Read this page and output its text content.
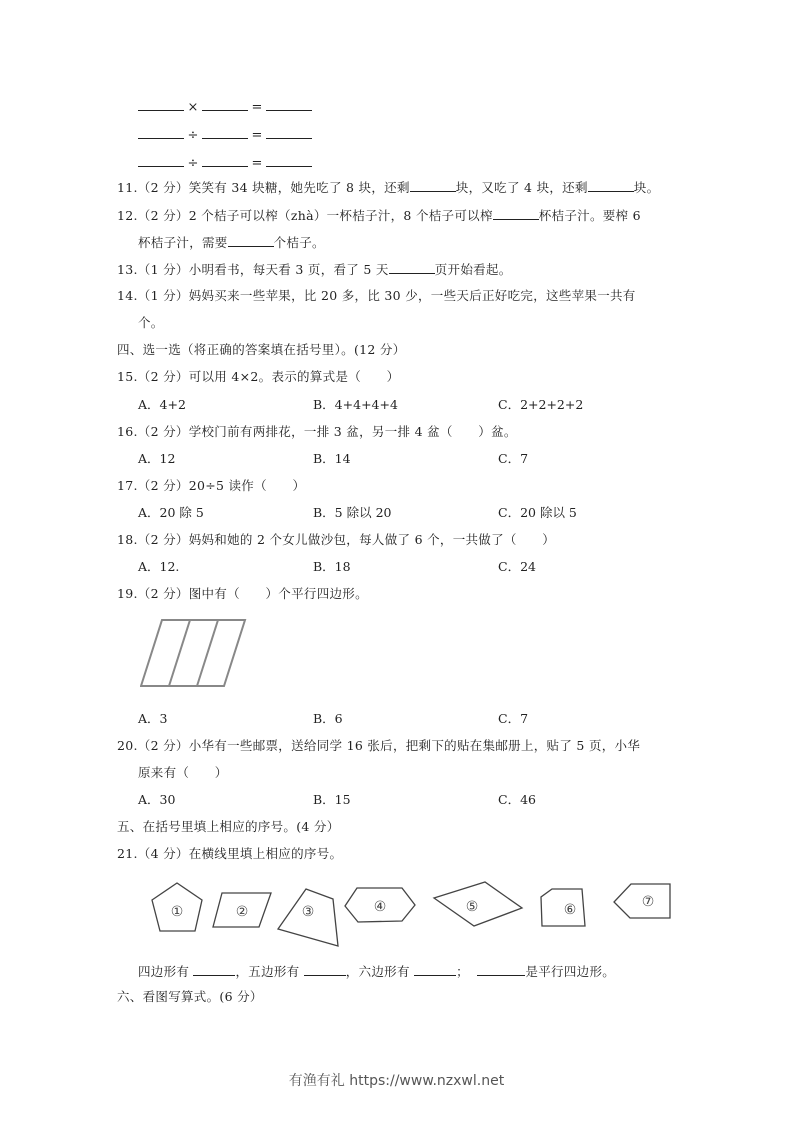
×	=
÷	=
÷	=
11.（2 分）笑笑有 34 块糖，她先吃了 8 块，还剩	块，又吃了 4 块，还剩	块。
12.（2 分）2 个桔子可以榨（zhà）一杯桔子汁，8 个桔子可以榨	杯桔子汁。要榨 6
杯桔子汁，需要	个桔子。
13.（1 分）小明看书，每天看 3 页，看了 5 天	页开始看起。
14.（1 分）妈妈买来一些苹果，比 20 多，比 30 少，一些天后正好吃完，这些苹果一共有
个。
四、选一选（将正确的答案填在括号里）。(12 分）
15.（2 分）可以用 4×2。表示的算式是（　　）
A．4+2	B．4+4+4+4	C．2+2+2+2
16.（2 分）学校门前有两排花，一排 3 盆，另一排 4 盆（　　）盆。
A．12	B．14	C．7
17.（2 分）20÷5 读作（　　）
A．20 除 5	B．5 除以 20	C．20 除以 5
18.（2 分）妈妈和她的 2 个女儿做沙包，每人做了 6 个，一共做了（　　）
A．12.	B．18	C．24
19.（2 分）图中有（　　）个平行四边形。
A．3	B．6	C．7
20.（2 分）小华有一些邮票，送给同学 16 张后，把剩下的贴在集邮册上，贴了 5 页，小华
原来有（　　）
A．30	B．15	C．46
五、在括号里填上相应的序号。(4 分）
21.（4 分）在横线里填上相应的序号。
①	②	③	④	⑤	⑥	⑦
四边形有	，五边形有	，六边形有	；	是平行四边形。
六、看图写算式。(6 分）
有渔有礼 https://www.nzxwl.net
